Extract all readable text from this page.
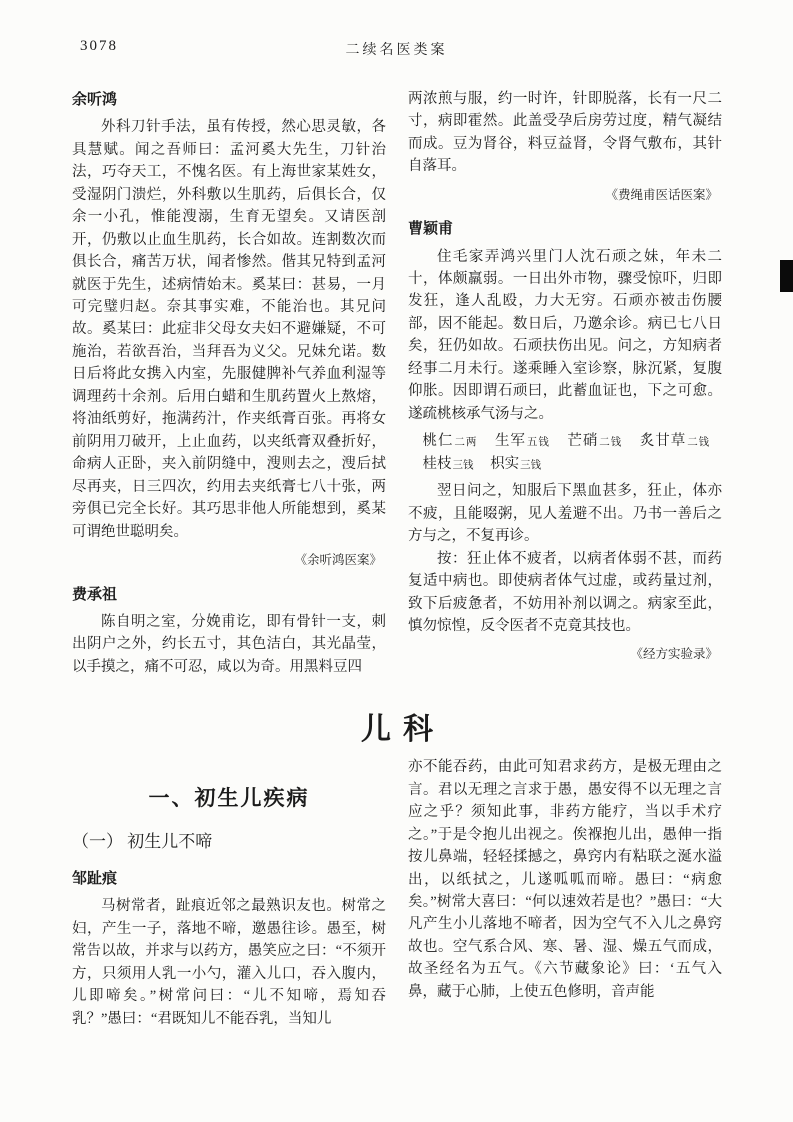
3078	二续名医类案
余听鸿

外科刀针手法，虽有传授，然心思灵敏，各具慧赋。闻之吾师曰：孟河奚大先生，刀针治法，巧夺天工，不愧名医。有上海世家某姓女，受湿阴门溃烂，外科敷以生肌药，后俱长合，仅余一小孔，惟能溲溺，生育无望矣。又请医剖开，仍敷以止血生肌药，长合如故。连割数次而俱长合，痛苦万状，闻者惨然。偕其兄特到孟河就医于先生，述病情始末。奚某曰：甚易，一月可完璧归赵。奈其事实难，不能治也。其兄问故。奚某曰：此症非父母女夫妇不避嫌疑，不可施治，若欲吾治，当拜吾为义父。兄妹允诺。数日后将此女携入内室，先服健脾补气养血利湿等调理药十余剂。后用白蜡和生肌药置火上熬熔，将油纸剪好，拖满药汁，作夹纸膏百张。再将女前阴用刀破开，上止血药，以夹纸膏双叠折好，命病人正卧，夹入前阴缝中，溲则去之，溲后拭尽再夹，日三四次，约用去夹纸膏七八十张，两旁俱已完全长好。其巧思非他人所能想到，奚某可谓绝世聪明矣。

《余听鸿医案》

费承祖

陈自明之室，分娩甫讫，即有骨针一支，刺出阴户之外，约长五寸，其色洁白，其光晶莹，以手摸之，痛不可忍，咸以为奇。用黑料豆四

两浓煎与服，约一时许，针即脱落，长有一尺二寸，病即霍然。此盖受孕后房劳过度，精气凝结而成。豆为肾谷，料豆益肾，令肾气敷布，其针自落耳。

《费绳甫医话医案》

曹颖甫

住毛家弄鸿兴里门人沈石顽之妹，年未二十，体颇羸弱。一日出外市物，骤受惊吓，归即发狂，逢人乱殴，力大无穷。石顽亦被击伤腰部，因不能起。数日后，乃邀余诊。病已七八日矣，狂仍如故。石顽扶伤出见。问之，方知病者经事二月未行。遂乘睡入室诊察，脉沉紧，复腹仰胀。因即谓石顽曰，此蓄血证也，下之可愈。遂疏桃核承气汤与之。

桃仁二两 生军五钱 芒硝二钱 炙甘草二钱 桂枝三钱 枳实三钱

翌日问之，知服后下黑血甚多，狂止，体亦不疲，且能啜粥，见人羞避不出。乃书一善后之方与之，不复再诊。

按：狂止体不疲者，以病者体弱不甚，而药复适中病也。即使病者体气过虚，或药量过剂，致下后疲惫者，不妨用补剂以调之。病家至此，慎勿惊惶，反令医者不克竟其技也。

《经方实验录》

儿科
一、初生儿疾病
（一） 初生儿不啼
邹趾痕

马树常者，趾痕近邻之最熟识友也。树常之妇，产生一子，落地不啼，邀愚往诊。愚至，树常告以故，并求与以药方，愚笑应之曰：“不须开方，只须用人乳一小勺，灌入儿口，吞入腹内，儿即啼矣。”树常问曰：“儿不知啼，焉知吞乳？”愚曰：“君既知儿不能吞乳，当知儿

亦不能吞药，由此可知君求药方，是极无理由之言。君以无理之言求于愚，愚安得不以无理之言应之乎？须知此事，非药方能疗，当以手术疗之。”于是令抱儿出视之。俟褓抱儿出，愚伸一指按儿鼻端，轻轻揉撼之，鼻窍内有粘联之涎水溢出，以纸拭之，儿遂呱呱而啼。愚曰：“病愈矣。”树常大喜曰：“何以速效若是也？”愚曰：“大凡产生小儿落地不啼者，因为空气不入儿之鼻窍故也。空气系合风、寒、暑、湿、燥五气而成，故圣经名为五气。《六节藏象论》曰：‘五气入鼻，藏于心肺，上使五色修明，音声能
